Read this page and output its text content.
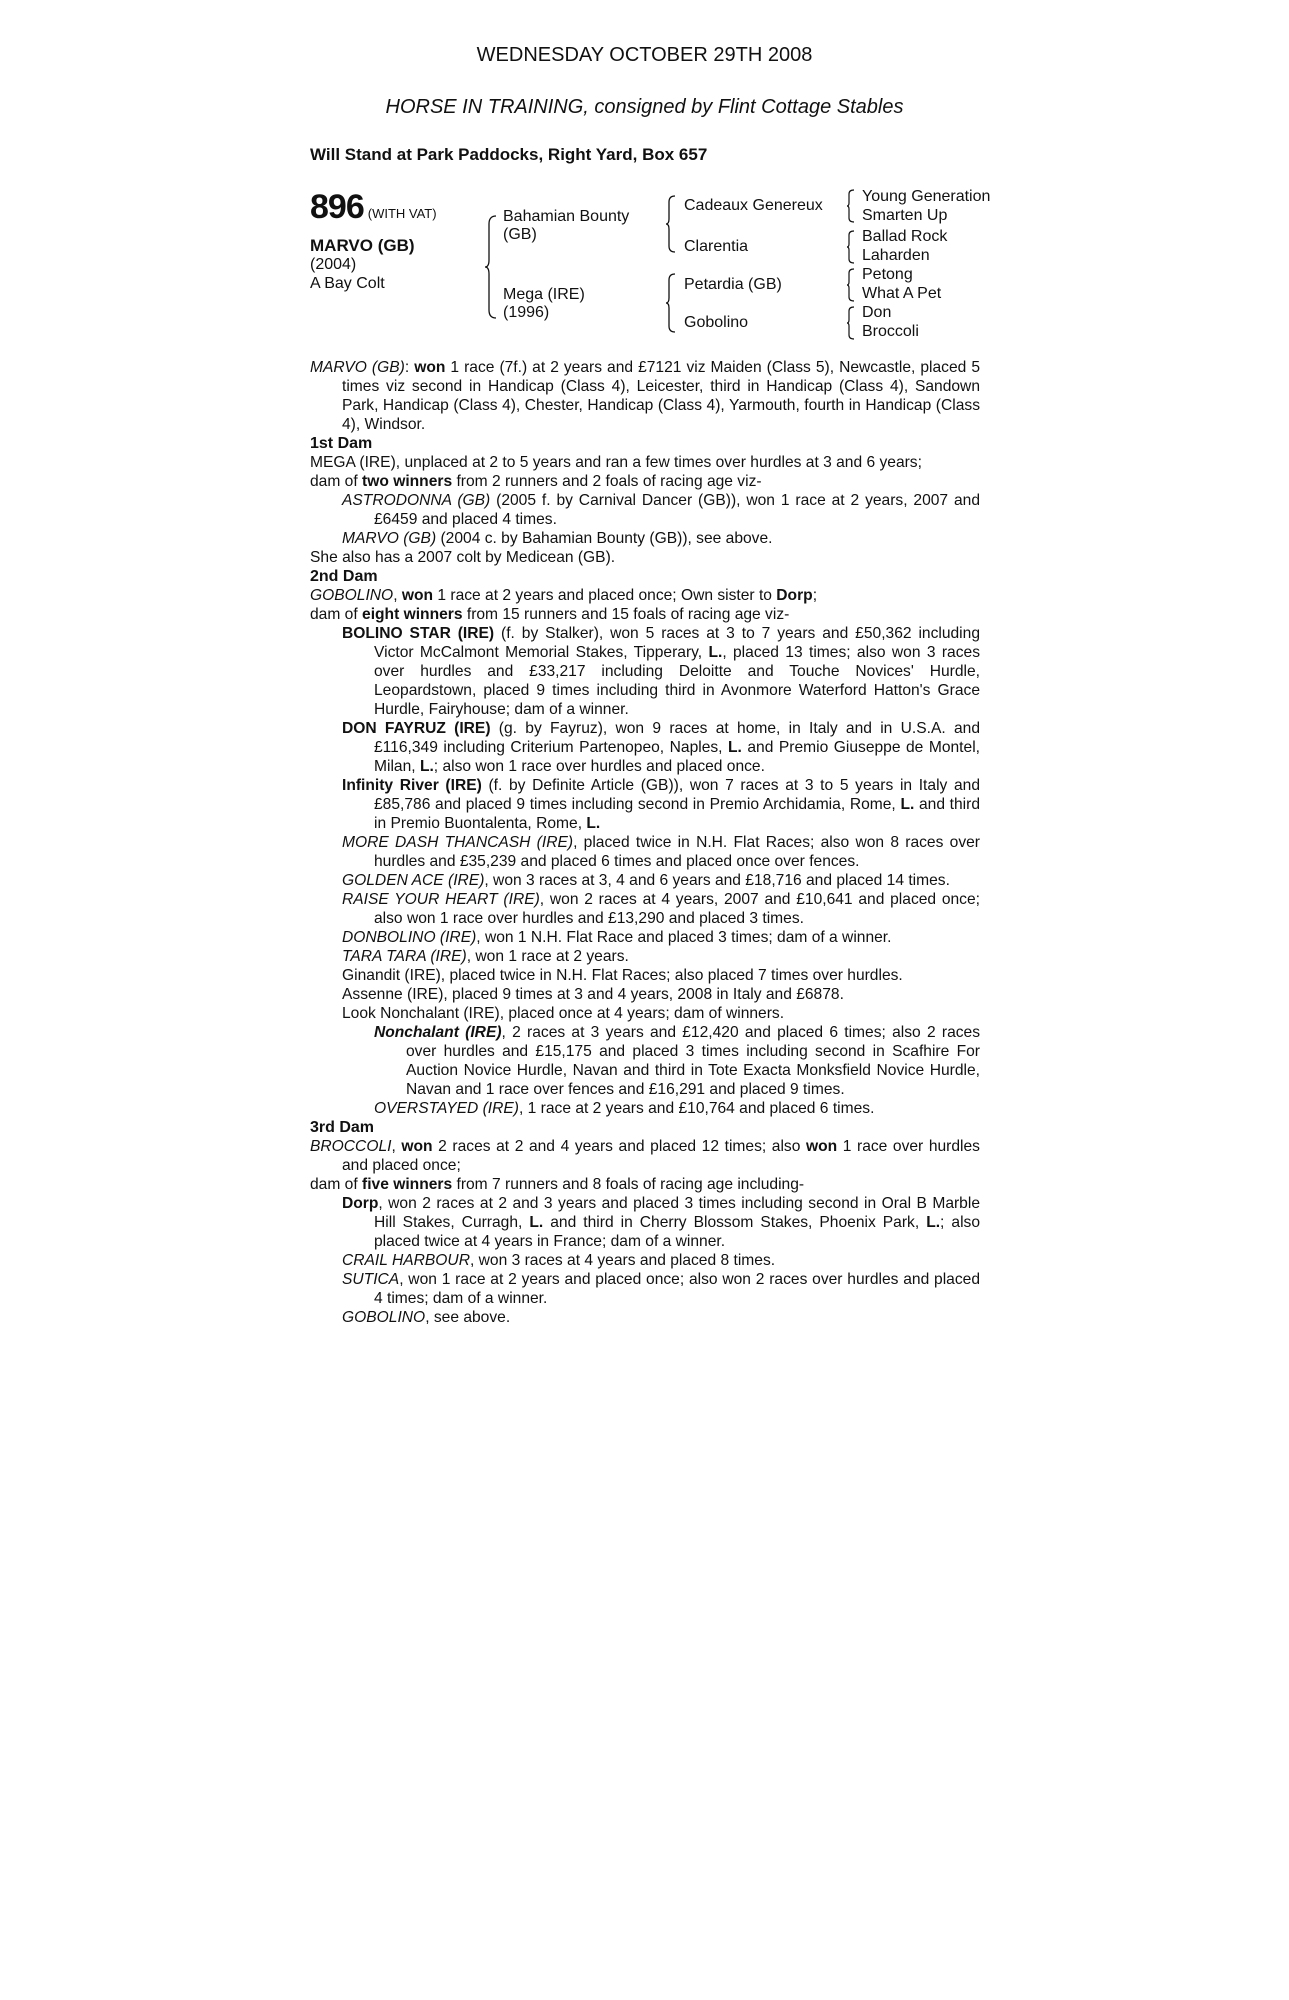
WEDNESDAY OCTOBER 29TH 2008
HORSE IN TRAINING, consigned by Flint Cottage Stables
Will Stand at Park Paddocks, Right Yard, Box 657
896 (WITH VAT)
MARVO (GB)
(2004)
A Bay Colt
Bahamian Bounty
(GB)
Mega (IRE)
(1996)
Cadeaux Genereux
Clarentia
Petardia (GB)
Gobolino
Young Generation
Smarten Up
Ballad Rock
Laharden
Petong
What A Pet
Don
Broccoli

MARVO (GB): won 1 race (7f.) at 2 years and £7121 viz Maiden (Class 5), Newcastle, placed 5 times viz second in Handicap (Class 4), Leicester, third in Handicap (Class 4), Sandown Park, Handicap (Class 4), Chester, Handicap (Class 4), Yarmouth, fourth in Handicap (Class 4), Windsor.

1st Dam

MEGA (IRE), unplaced at 2 to 5 years and ran a few times over hurdles at 3 and 6 years;

dam of two winners from 2 runners and 2 foals of racing age viz-

ASTRODONNA (GB) (2005 f. by Carnival Dancer (GB)), won 1 race at 2 years, 2007 and £6459 and placed 4 times.

MARVO (GB) (2004 c. by Bahamian Bounty (GB)), see above.

She also has a 2007 colt by Medicean (GB).

2nd Dam

GOBOLINO, won 1 race at 2 years and placed once; Own sister to Dorp;

dam of eight winners from 15 runners and 15 foals of racing age viz-

BOLINO STAR (IRE) (f. by Stalker), won 5 races at 3 to 7 years and £50,362 including Victor McCalmont Memorial Stakes, Tipperary, L., placed 13 times; also won 3 races over hurdles and £33,217 including Deloitte and Touche Novices' Hurdle, Leopardstown, placed 9 times including third in Avonmore Waterford Hatton's Grace Hurdle, Fairyhouse; dam of a winner.

DON FAYRUZ (IRE) (g. by Fayruz), won 9 races at home, in Italy and in U.S.A. and £116,349 including Criterium Partenopeo, Naples, L. and Premio Giuseppe de Montel, Milan, L.; also won 1 race over hurdles and placed once.

Infinity River (IRE) (f. by Definite Article (GB)), won 7 races at 3 to 5 years in Italy and £85,786 and placed 9 times including second in Premio Archidamia, Rome, L. and third in Premio Buontalenta, Rome, L.

MORE DASH THANCASH (IRE), placed twice in N.H. Flat Races; also won 8 races over hurdles and £35,239 and placed 6 times and placed once over fences.

GOLDEN ACE (IRE), won 3 races at 3, 4 and 6 years and £18,716 and placed 14 times.

RAISE YOUR HEART (IRE), won 2 races at 4 years, 2007 and £10,641 and placed once; also won 1 race over hurdles and £13,290 and placed 3 times.

DONBOLINO (IRE), won 1 N.H. Flat Race and placed 3 times; dam of a winner.

TARA TARA (IRE), won 1 race at 2 years.

Ginandit (IRE), placed twice in N.H. Flat Races; also placed 7 times over hurdles.

Assenne (IRE), placed 9 times at 3 and 4 years, 2008 in Italy and £6878.

Look Nonchalant (IRE), placed once at 4 years; dam of winners.

Nonchalant (IRE), 2 races at 3 years and £12,420 and placed 6 times; also 2 races over hurdles and £15,175 and placed 3 times including second in Scafhire For Auction Novice Hurdle, Navan and third in Tote Exacta Monksfield Novice Hurdle, Navan and 1 race over fences and £16,291 and placed 9 times.

OVERSTAYED (IRE), 1 race at 2 years and £10,764 and placed 6 times.

3rd Dam

BROCCOLI, won 2 races at 2 and 4 years and placed 12 times; also won 1 race over hurdles and placed once;

dam of five winners from 7 runners and 8 foals of racing age including-

Dorp, won 2 races at 2 and 3 years and placed 3 times including second in Oral B Marble Hill Stakes, Curragh, L. and third in Cherry Blossom Stakes, Phoenix Park, L.; also placed twice at 4 years in France; dam of a winner.

CRAIL HARBOUR, won 3 races at 4 years and placed 8 times.

SUTICA, won 1 race at 2 years and placed once; also won 2 races over hurdles and placed 4 times; dam of a winner.

GOBOLINO, see above.
